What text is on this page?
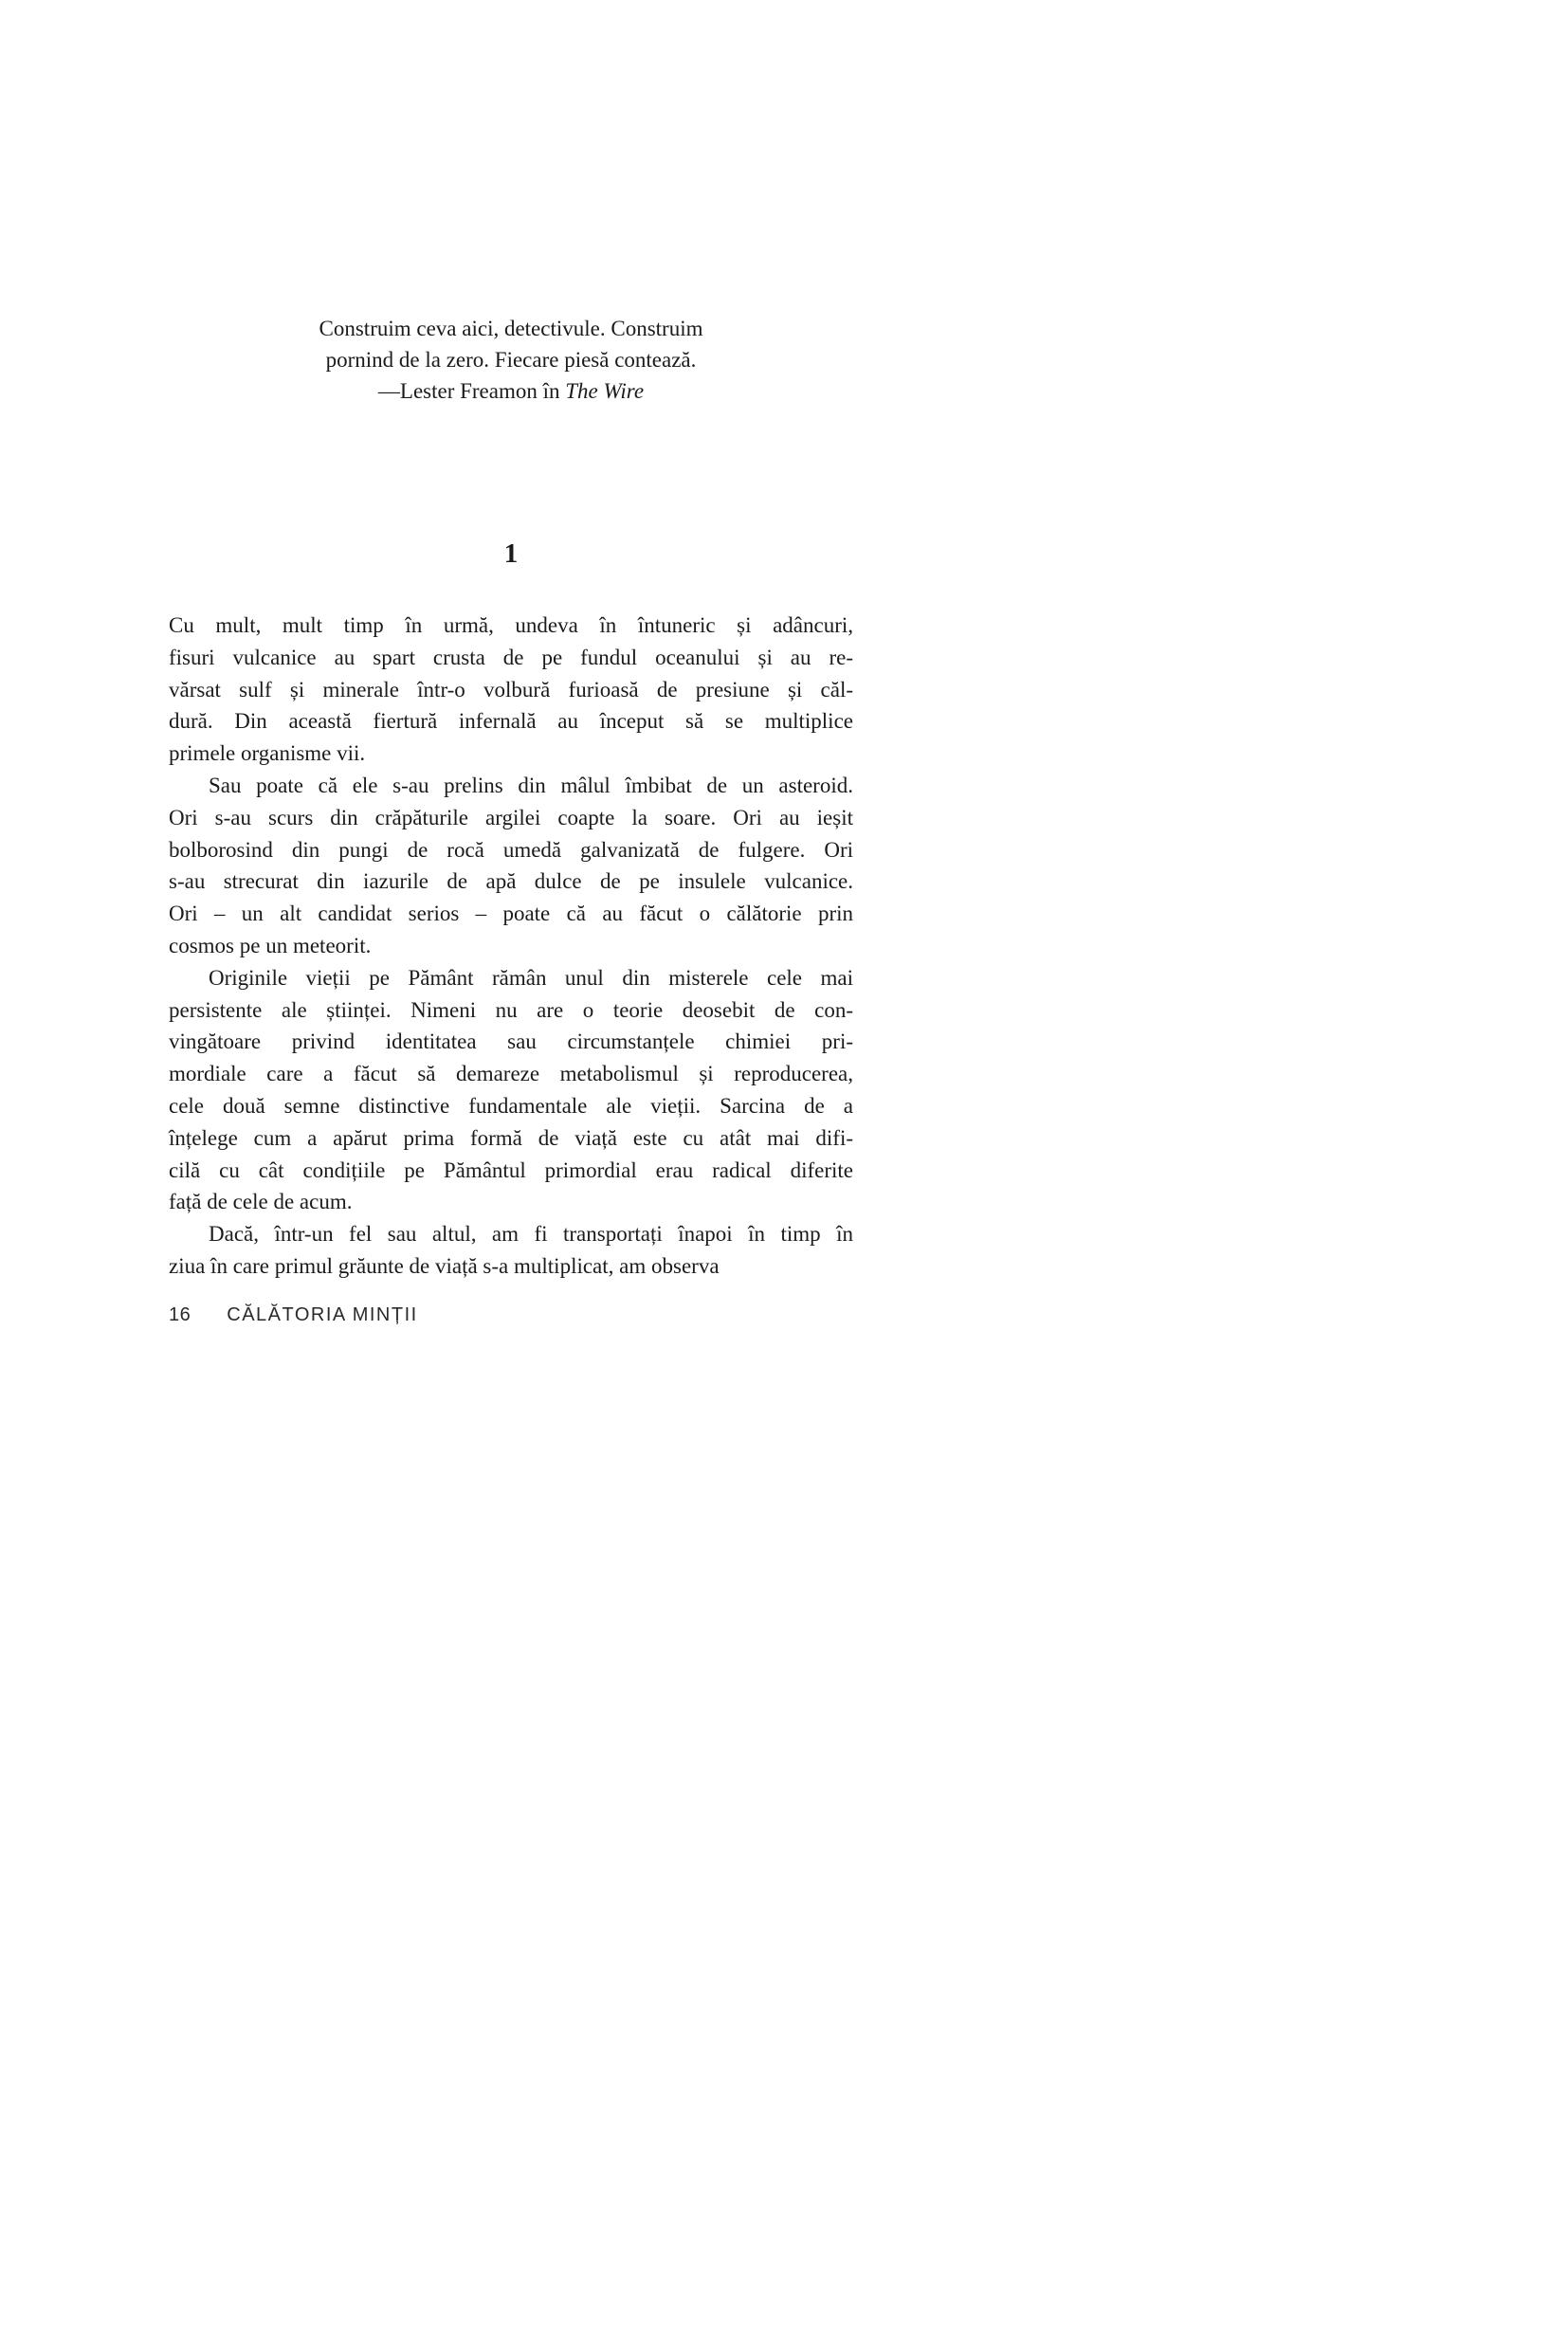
Construim ceva aici, detectivule. Construim
pornind de la zero. Fiecare piesă contează.
—Lester Freamon în The Wire
1
Cu mult, mult timp în urmă, undeva în întuneric și adâncuri,
fisuri vulcanice au spart crusta de pe fundul oceanului și au re-
vărsat sulf și minerale într-o volbură furioasă de presiune și căl-
dură. Din această fiertură infernală au început să se multiplice
primele organisme vii.
Sau poate că ele s-au prelins din mâlul îmbibat de un asteroid.
Ori s-au scurs din crăpăturile argilei coapte la soare. Ori au ieșit
bolborosind din pungi de rocă umedă galvanizată de fulgere. Ori
s-au strecurat din iazurile de apă dulce de pe insulele vulcanice.
Ori – un alt candidat serios – poate că au făcut o călătorie prin
cosmos pe un meteorit.
Originile vieții pe Pământ rămân unul din misterele cele mai
persistente ale științei. Nimeni nu are o teorie deosebit de con-
vingătoare privind identitatea sau circumstanțele chimiei pri-
mordiale care a făcut să demareze metabolismul și reproducerea,
cele două semne distinctive fundamentale ale vieții. Sarcina de a
înțelege cum a apărut prima formă de viață este cu atât mai difi-
cilă cu cât condițiile pe Pământul primordial erau radical diferite
față de cele de acum.
Dacă, într-un fel sau altul, am fi transportați înapoi în timp în
ziua în care primul grăunte de viață s-a multiplicat, am observa
16 CĂLĂTORIA MINȚII
